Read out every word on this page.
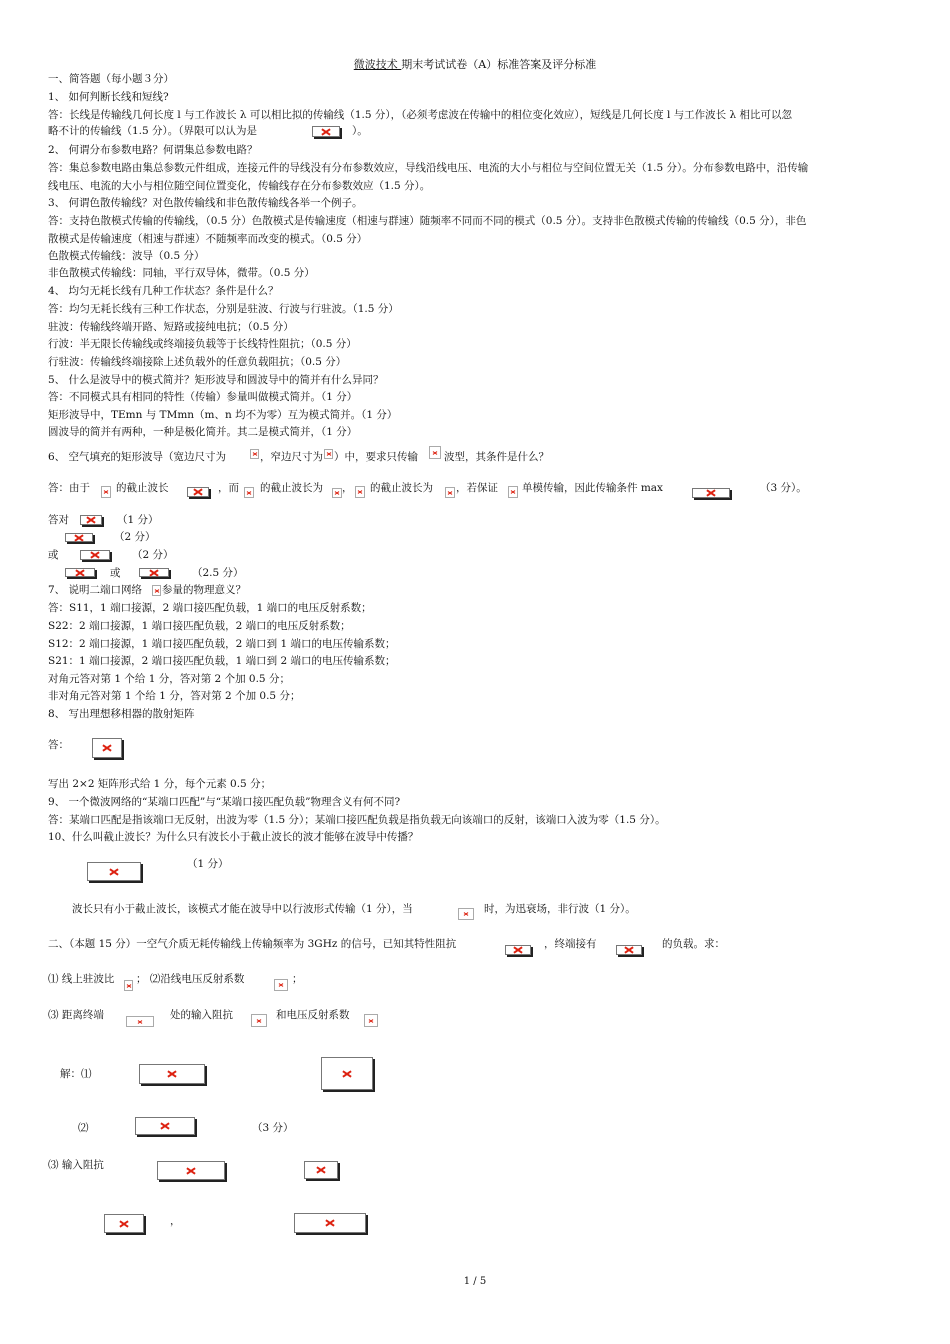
微波技术 期末考试试卷（A）标准答案及评分标准
一、简答题（每小题３分）
1、 如何判断长线和短线?
答：长线是传输线几何长度 l 与工作波长 λ 可以相比拟的传输线（1.5 分），（必须考虑波在传输中的相位变化效应），短线是几何长度 l 与工作波长 λ 相比可以忽
略不计的传输线（1.5 分）。（界限可以认为是	）。
2、 何谓分布参数电路？何谓集总参数电路？
答：集总参数电路由集总参数元件组成，连接元件的导线没有分布参数效应，导线沿线电压、电流的大小与相位与空间位置无关（1.5 分）。分布参数电路中，沿传输
线电压、电流的大小与相位随空间位置变化，传输线存在分布参数效应（1.5 分）。
3、 何谓色散传输线？对色散传输线和非色散传输线各举一个例子。
答：支持色散模式传输的传输线，（0.5 分）色散模式是传输速度（相速与群速）随频率不同而不同的模式（0.5 分）。支持非色散模式传输的传输线（0.5 分），非色
散模式是传输速度（相速与群速）不随频率而改变的模式。（0.5 分）
色散模式传输线：波导（0.5 分）
非色散模式传输线：同轴，平行双导体，微带。（0.5 分）
4、 均匀无耗长线有几种工作状态？条件是什么？
答：均匀无耗长线有三种工作状态，分别是驻波、行波与行驻波。（1.5 分）
驻波：传输线终端开路、短路或接纯电抗；（0.5 分）
行波：半无限长传输线或终端接负载等于长线特性阻抗；（0.5 分）
行驻波：传输线终端接除上述负载外的任意负载阻抗；（0.5 分）
5、 什么是波导中的模式简并？矩形波导和圆波导中的简并有什么异同？
答：不同模式具有相同的特性（传输）参量叫做模式简并。（1 分）
矩形波导中，TEmn 与 TMmn（m、n 均不为零）互为模式简并。（1 分）
圆波导的简并有两种，一种是极化简并。其二是模式简并，（1 分）
6、 空气填充的矩形波导（宽边尺寸为	，窄边尺寸为 ）中，要求只传输 波型，其条件是什么？
答：由于 的截止波长	，而 的截止波长为 ， 的截止波长为 ，若保证 单模传输，因此传输条件 max	（3 分）。
答对	（1 分）
（2 分）
或	（2 分）
或	（2.5 分）
7、 说明二端口网络 参量的物理意义？
答：S11，1 端口接源，2 端口接匹配负载，1 端口的电压反射系数；
S22：2 端口接源，1 端口接匹配负载，2 端口的电压反射系数；
S12：2 端口接源，1 端口接匹配负载，2 端口到 1 端口的电压传输系数；
S21：1 端口接源，2 端口接匹配负载，1 端口到 2 端口的电压传输系数；
对角元答对第 1 个给 1 分，答对第 2 个加 0.5 分；
非对角元答对第 1 个给 1 分，答对第 2 个加 0.5 分；
8、 写出理想移相器的散射矩阵
答：
写出 2×2 矩阵形式给 1 分，每个元素 0.5 分；
9、 一个微波网络的“某端口匹配”与“某端口接匹配负载”物理含义有何不同?
答：某端口匹配是指该端口无反射，出波为零（1.5 分）；某端口接匹配负载是指负载无向该端口的反射，该端口入波为零（1.5 分）。
10、什么叫截止波长？为什么只有波长小于截止波长的波才能够在波导中传播？
（1 分）
波长只有小于截止波长，该模式才能在波导中以行波形式传输（1 分），当	时，为迅衰场，非行波（1 分）。
二、（本题 15 分）一空气介质无耗传输线上传输频率为 3GHz 的信号，已知其特性阻抗	，终端接有	的负载。求：
⑴ 线上驻波比 ； ⑵沿线电压反射系数	；
⑶ 距离终端	处的输入阻抗	和电压反射系数
解：⑴
⑵	（3 分）
⑶ 输入阻抗
，
1 / 5
